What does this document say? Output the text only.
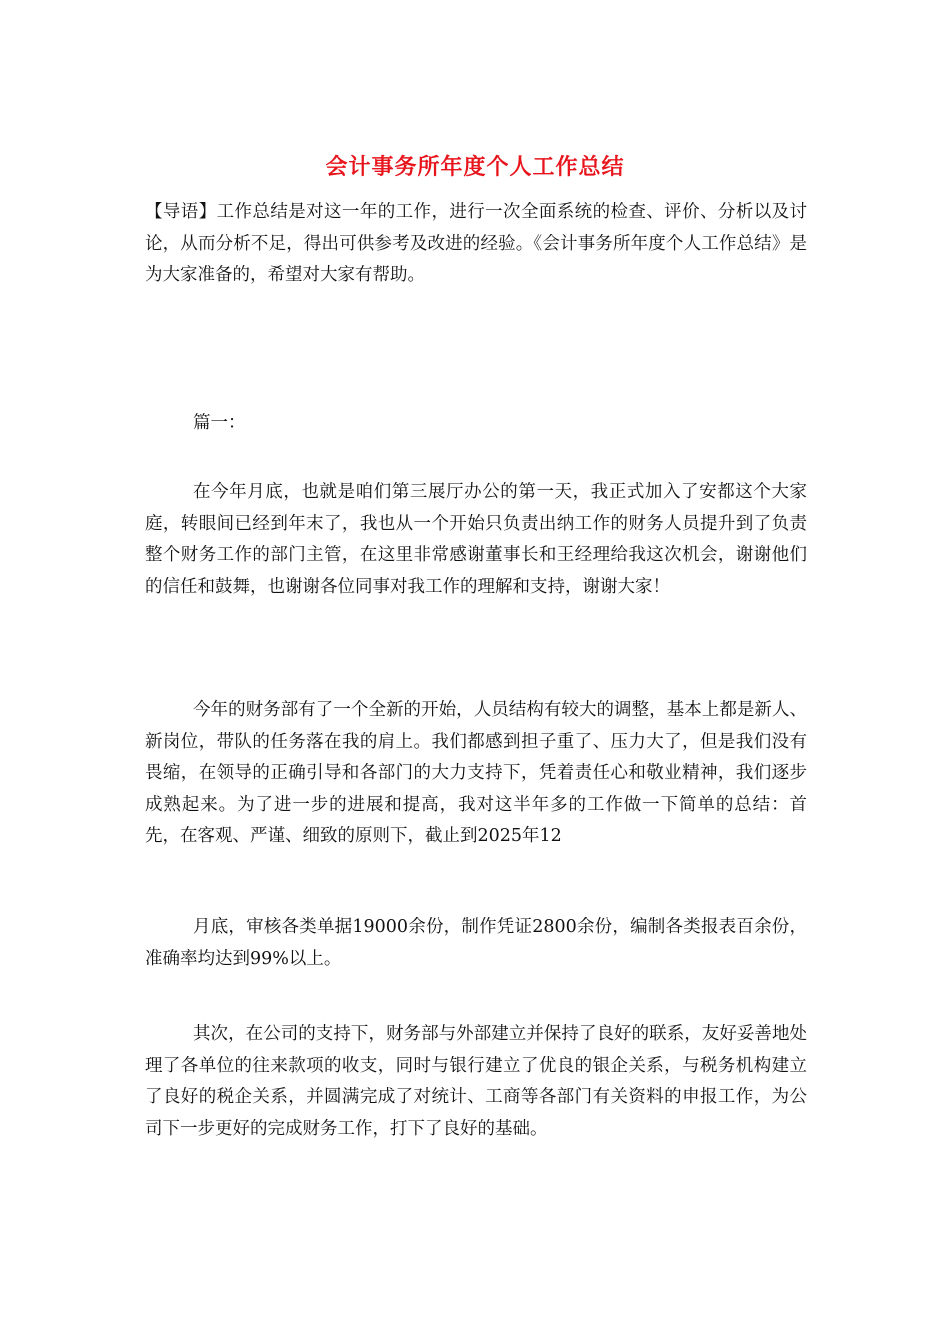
会计事务所年度个人工作总结
【导语】工作总结是对这一年的工作，进行一次全面系统的检查、评价、分析以及讨论，从而分析不足，得出可供参考及改进的经验。《会计事务所年度个人工作总结》是为大家准备的，希望对大家有帮助。
篇一：
在今年月底，也就是咱们第三展厅办公的第一天，我正式加入了安都这个大家庭，转眼间已经到年末了，我也从一个开始只负责出纳工作的财务人员提升到了负责整个财务工作的部门主管，在这里非常感谢董事长和王经理给我这次机会，谢谢他们的信任和鼓舞，也谢谢各位同事对我工作的理解和支持，谢谢大家！
今年的财务部有了一个全新的开始，人员结构有较大的调整，基本上都是新人、新岗位，带队的任务落在我的肩上。我们都感到担子重了、压力大了，但是我们没有畏缩，在领导的正确引导和各部门的大力支持下，凭着责任心和敬业精神，我们逐步成熟起来。为了进一步的进展和提高，我对这半年多的工作做一下简单的总结：首先，在客观、严谨、细致的原则下，截止到2025年12
月底，审核各类单据19000余份，制作凭证2800余份，编制各类报表百余份，准确率均达到99%以上。
其次，在公司的支持下，财务部与外部建立并保持了良好的联系，友好妥善地处理了各单位的往来款项的收支，同时与银行建立了优良的银企关系，与税务机构建立了良好的税企关系，并圆满完成了对统计、工商等各部门有关资料的申报工作，为公司下一步更好的完成财务工作，打下了良好的基础。
